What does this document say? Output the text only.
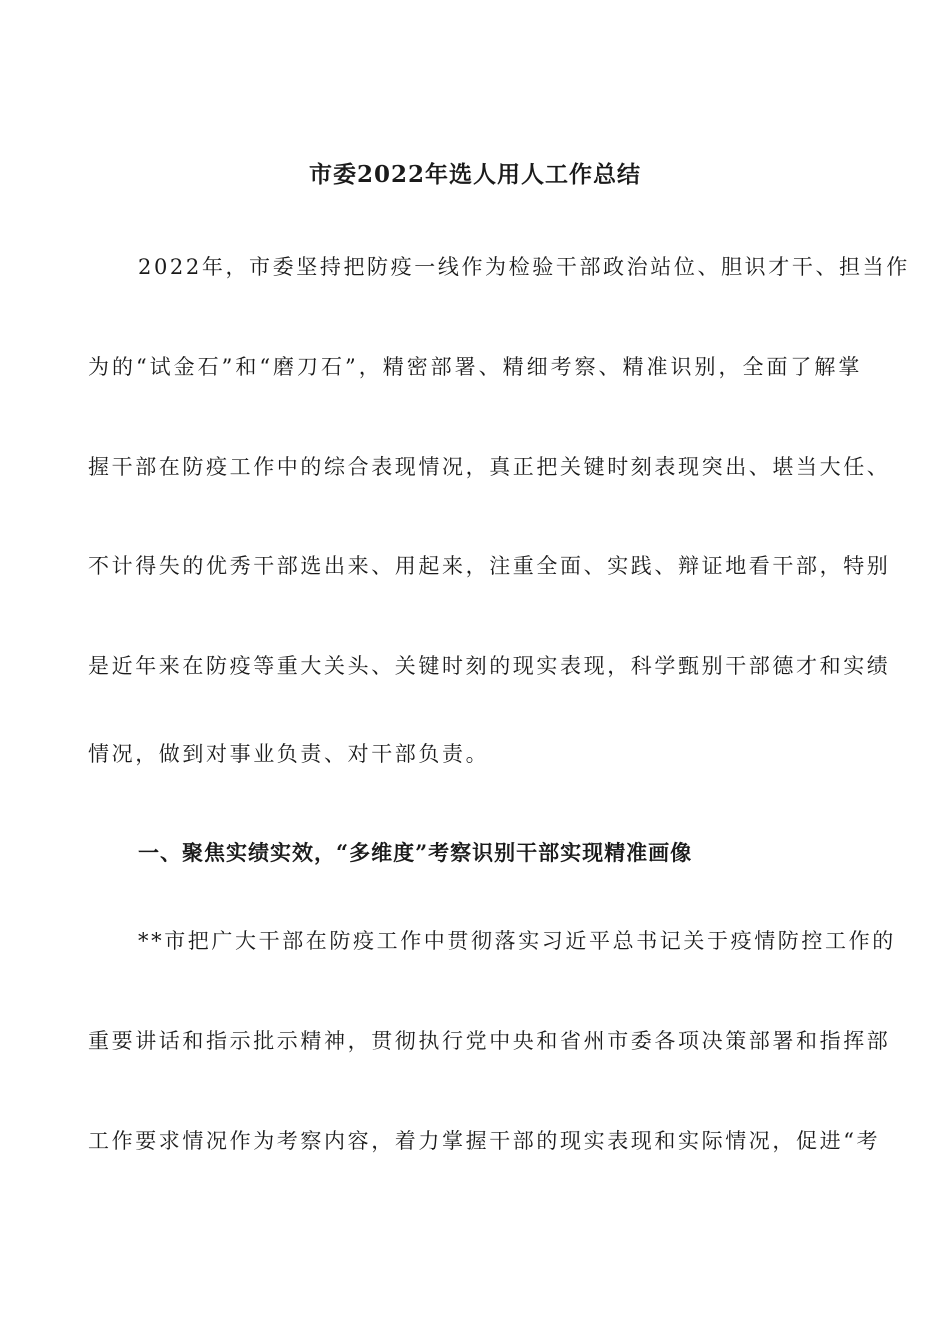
市委2022年选人用人工作总结
2022年，市委坚持把防疫一线作为检验干部政治站位、胆识才干、担当作
为的“试金石”和“磨刀石”，精密部署、精细考察、精准识别，全面了解掌
握干部在防疫工作中的综合表现情况，真正把关键时刻表现突出、堪当大任、
不计得失的优秀干部选出来、用起来，注重全面、实践、辩证地看干部，特别
是近年来在防疫等重大关头、关键时刻的现实表现，科学甄别干部德才和实绩
情况，做到对事业负责、对干部负责。
一、聚焦实绩实效，“多维度”考察识别干部实现精准画像
**市把广大干部在防疫工作中贯彻落实习近平总书记关于疫情防控工作的
重要讲话和指示批示精神，贯彻执行党中央和省州市委各项决策部署和指挥部
工作要求情况作为考察内容，着力掌握干部的现实表现和实际情况，促进“考
